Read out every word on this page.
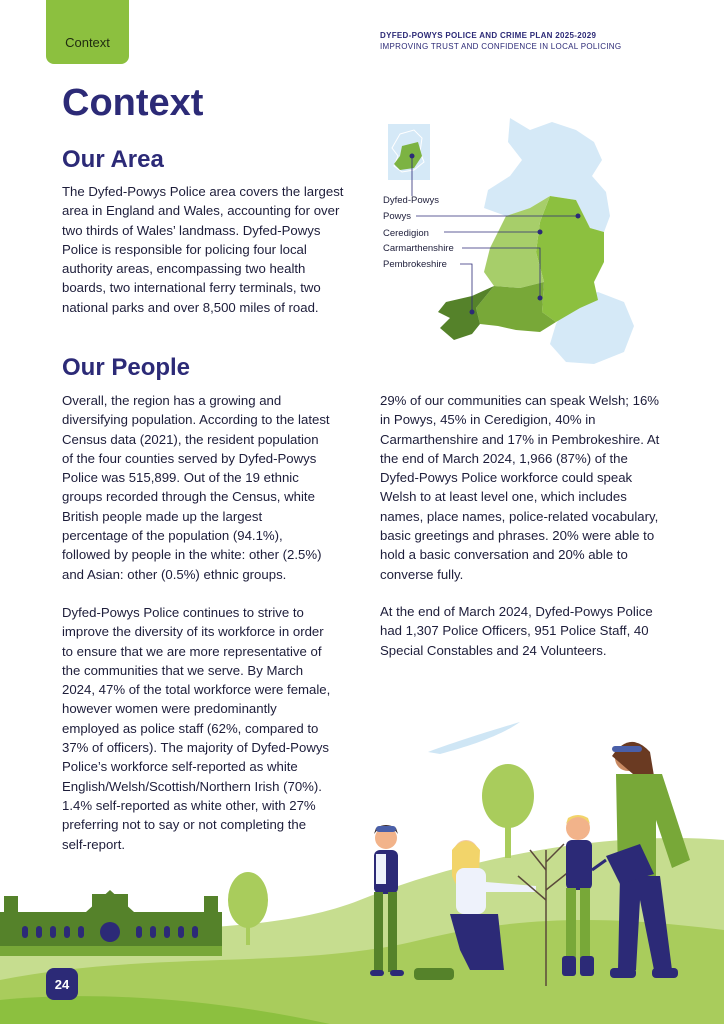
Context	DYFED-POWYS POLICE AND CRIME PLAN 2025-2029
IMPROVING TRUST AND CONFIDENCE IN LOCAL POLICING
Context
Our Area

The Dyfed-Powys Police area covers the largest area in England and Wales, accounting for over two thirds of Wales’ landmass. Dyfed-Powys Police is responsible for policing four local authority areas, encompassing two health boards, two international ferry terminals, two national parks and over 8,500 miles of road.

Dyfed-Powys
Powys
Ceredigion
Carmarthenshire
Pembrokeshire
Our People

Overall, the region has a growing and diversifying population. According to the latest Census data (2021), the resident population of the four counties served by Dyfed-Powys Police was 515,899. Out of the 19 ethnic groups recorded through the Census, white British people made up the largest percentage of the population (94.1%), followed by people in the white: other (2.5%) and Asian: other (0.5%) ethnic groups.

Dyfed-Powys Police continues to strive to improve the diversity of its workforce in order to ensure that we are more representative of the communities that we serve. By March 2024, 47% of the total workforce were female, however women were predominantly employed as police staff (62%, compared to 37% of officers). The majority of Dyfed-Powys Police’s workforce self-reported as white English/Welsh/Scottish/Northern Irish (70%). 1.4% self-reported as white other, with 27% preferring not to say or not completing the self-report.

29% of our communities can speak Welsh; 16% in Powys, 45% in Ceredigion, 40% in Carmarthenshire and 17% in Pembrokeshire. At the end of March 2024, 1,966 (87%) of the Dyfed-Powys Police workforce could speak Welsh to at least level one, which includes names, place names, police-related vocabulary, basic greetings and phrases. 20% were able to hold a basic conversation and 20% able to converse fully.

At the end of March 2024, Dyfed-Powys Police had 1,307 Police Officers, 951 Police Staff, 40 Special Constables and 24 Volunteers.

24
